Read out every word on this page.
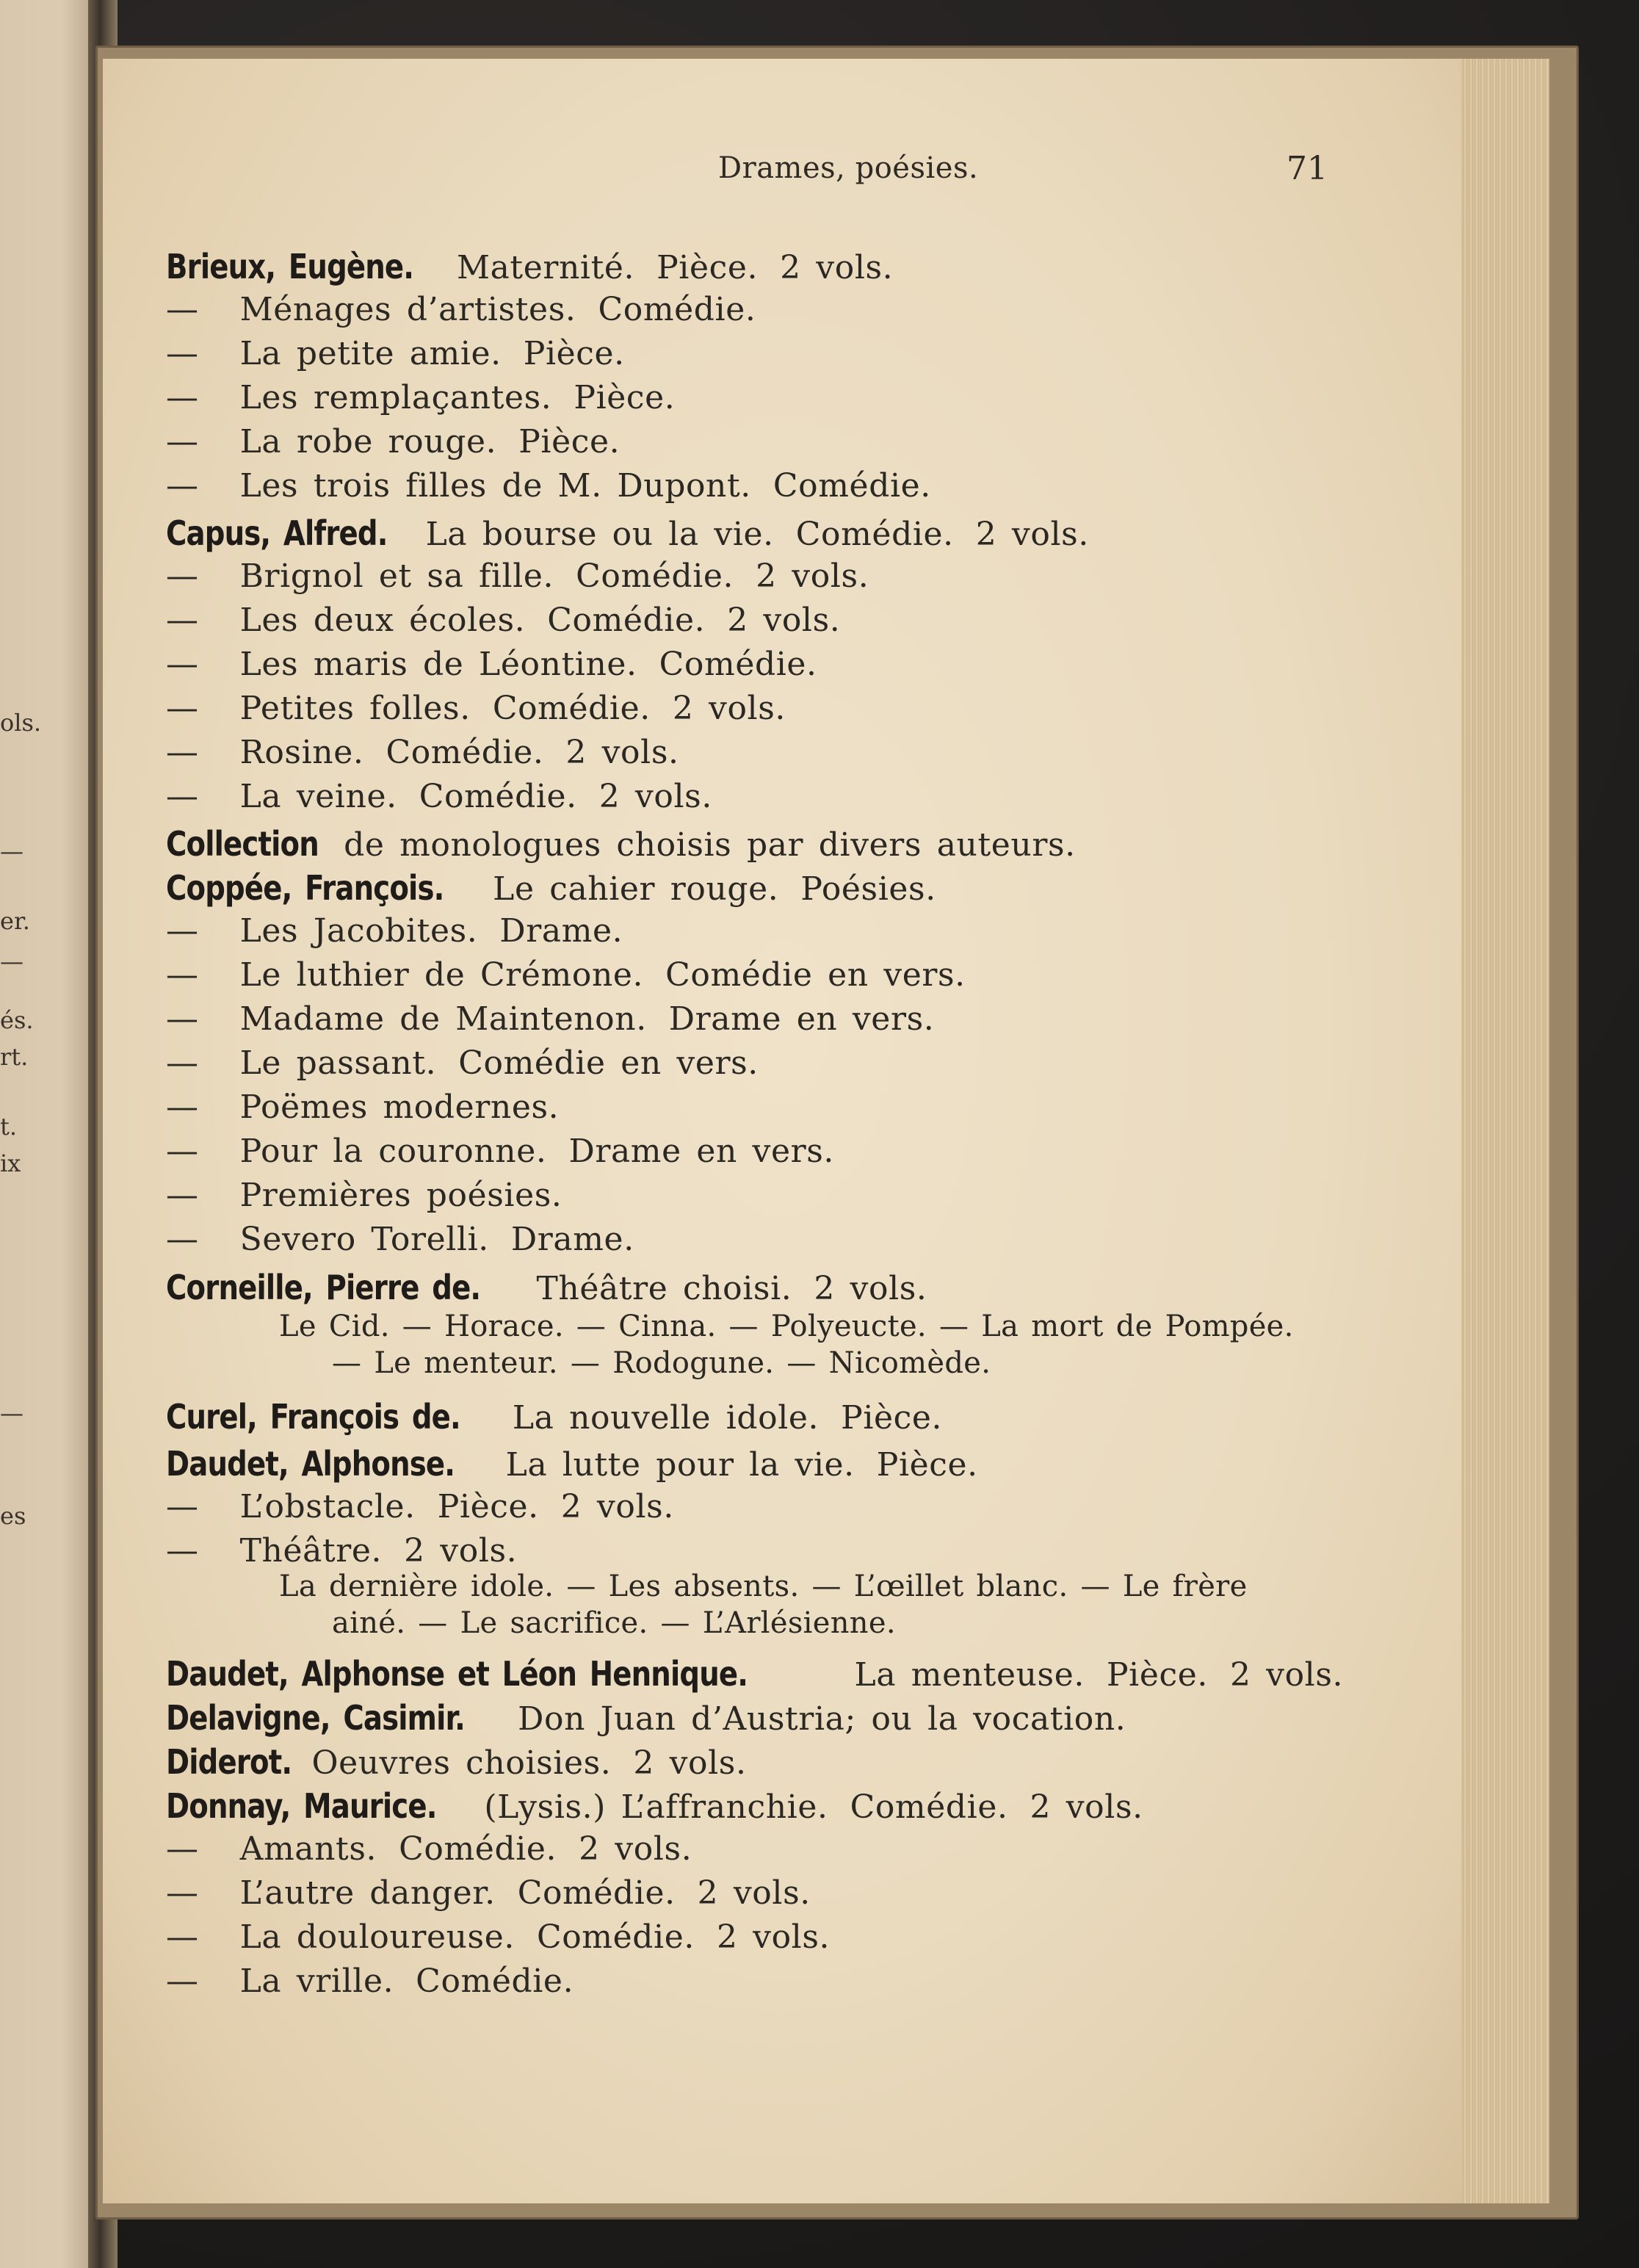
ols.
—
er.
—
és.
rt.
t.
ix
—
es
Drames, poésies.	71
Brieux, Eugène. Maternité. Pièce. 2 vols.
— Ménages d’artistes. Comédie.
— La petite amie. Pièce.
— Les remplaçantes. Pièce.
— La robe rouge. Pièce.
— Les trois filles de M. Dupont. Comédie.
Capus, Alfred. La bourse ou la vie. Comédie. 2 vols.
— Brignol et sa fille. Comédie. 2 vols.
— Les deux écoles. Comédie. 2 vols.
— Les maris de Léontine. Comédie.
— Petites folles. Comédie. 2 vols.
— Rosine. Comédie. 2 vols.
— La veine. Comédie. 2 vols.
Collection de monologues choisis par divers auteurs.
Coppée, François. Le cahier rouge. Poésies.
— Les Jacobites. Drame.
— Le luthier de Crémone. Comédie en vers.
— Madame de Maintenon. Drame en vers.
— Le passant. Comédie en vers.
— Poëmes modernes.
— Pour la couronne. Drame en vers.
— Premières poésies.
— Severo Torelli. Drame.
Corneille, Pierre de. Théâtre choisi. 2 vols.
Le Cid. — Horace. — Cinna. — Polyeucte. — La mort de Pompée.
— Le menteur. — Rodogune. — Nicomède.
Curel, François de. La nouvelle idole. Pièce.
Daudet, Alphonse. La lutte pour la vie. Pièce.
— L’obstacle. Pièce. 2 vols.
— Théâtre. 2 vols.
La dernière idole. — Les absents. — L’œillet blanc. — Le frère
ainé. — Le sacrifice. — L’Arlésienne.
Daudet, Alphonse et Léon Hennique.	La menteuse. Pièce. 2 vols.
Delavigne, Casimir. Don Juan d’Austria; ou la vocation.
Diderot. Oeuvres choisies. 2 vols.
Donnay, Maurice. (Lysis.) L’affranchie. Comédie. 2 vols.
— Amants. Comédie. 2 vols.
— L’autre danger. Comédie. 2 vols.
— La douloureuse. Comédie. 2 vols.
— La vrille. Comédie.
